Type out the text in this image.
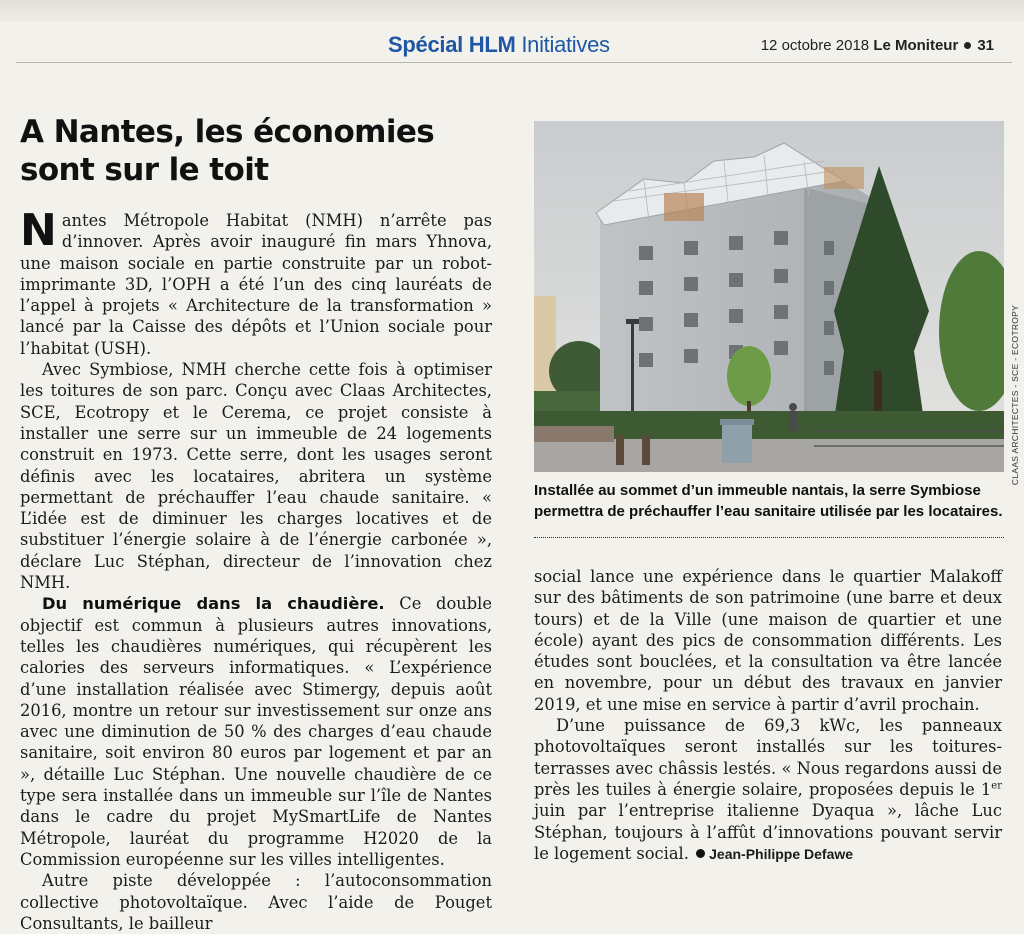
Spécial HLM Initiatives	12 octobre 2018 Le Moniteur 31
A Nantes, les économies sont sur le toit

Nantes Métropole Habitat (NMH) n’arrête pas d’innover. Après avoir inauguré fin mars Yhnova, une maison sociale en partie construite par un robot-imprimante 3D, l’OPH a été l’un des cinq lauréats de l’appel à projets « Architecture de la transformation » lancé par la Caisse des dépôts et l’Union sociale pour l’habitat (USH).

Avec Symbiose, NMH cherche cette fois à optimiser les toitures de son parc. Conçu avec Claas Architectes, SCE, Ecotropy et le Cerema, ce projet consiste à installer une serre sur un immeuble de 24 logements construit en 1973. Cette serre, dont les usages seront définis avec les locataires, abritera un système permettant de préchauffer l’eau chaude sanitaire. « L’idée est de diminuer les charges locatives et de substituer l’énergie solaire à de l’énergie carbonée », déclare Luc Stéphan, directeur de l’innovation chez NMH.

Du numérique dans la chaudière. Ce double objectif est commun à plusieurs autres innovations, telles les chaudières numériques, qui récupèrent les calories des serveurs informatiques. « L’expérience d’une installation réalisée avec Stimergy, depuis août 2016, montre un retour sur investissement sur onze ans avec une diminution de 50 % des charges d’eau chaude sanitaire, soit environ 80 euros par logement et par an », détaille Luc Stéphan. Une nouvelle chaudière de ce type sera installée dans un immeuble sur l’île de Nantes dans le cadre du projet MySmartLife de Nantes Métropole, lauréat du programme H2020 de la Commission européenne sur les villes intelligentes.

Autre piste développée : l’autoconsommation collective photovoltaïque. Avec l’aide de Pouget Consultants, le bailleur

CLAAS ARCHITECTES - SCE - ECOTROPY
Installée au sommet d’un immeuble nantais, la serre Symbiose permettra de préchauffer l’eau sanitaire utilisée par les locataires.

social lance une expérience dans le quartier Malakoff sur des bâtiments de son patrimoine (une barre et deux tours) et de la Ville (une maison de quartier et une école) ayant des pics de consommation différents. Les études sont bouclées, et la consultation va être lancée en novembre, pour un début des travaux en janvier 2019, et une mise en service à partir d’avril prochain.

D’une puissance de 69,3 kWc, les panneaux photovoltaïques seront installés sur les toitures-terrasses avec châssis lestés. « Nous regardons aussi de près les tuiles à énergie solaire, proposées depuis le 1er juin par l’entreprise italienne Dyaqua », lâche Luc Stéphan, toujours à l’affût d’innovations pouvant servir le logement social. Jean-Philippe Defawe
